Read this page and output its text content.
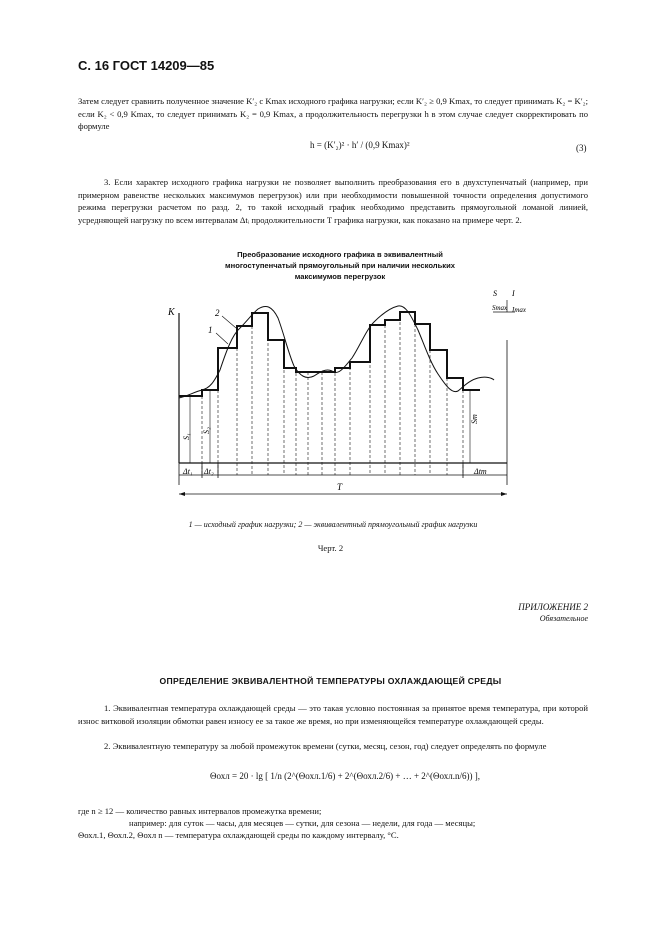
С. 16 ГОСТ 14209—85
Затем следует сравнить полученное значение K′₂ с Kmax исходного графика нагрузки; если K′₂ ≥ 0,9 Kmax, то следует принимать K₂ = K′₂; если K₂ < 0,9 Kmax, то следует принимать K₂ = 0,9 Kmax, а продолжительность перегрузки h в этом случае следует скорректировать по формуле
h = (K′₂)² · h′ / (0,9 Kmax)²	(3)
3. Если характер исходного графика нагрузки не позволяет выполнить преобразования его в двухступенчатый (например, при примерном равенстве нескольких максимумов перегрузок) или при необходимости повышенной точности определения допустимого режима перегрузки расчетом по разд. 2, то такой исходный график необходимо представить прямоугольной ломаной линией, усредняющей нагрузку по всем интервалам Δtᵢ продолжительности T графика нагрузки, как показано на примере черт. 2.
Преобразование исходного графика в эквивалентный
многоступенчатый прямоугольный при наличии нескольких
максимумов перегрузок
K	2
1
S I
Smax Imax
S₁
S₂
Sm
Δt₁ Δt₂	Δtm
T
1 — исходный график нагрузки; 2 — эквивалентный прямоугольный график нагрузки
Черт. 2
ПРИЛОЖЕНИЕ 2
Обязательное
ОПРЕДЕЛЕНИЕ ЭКВИВАЛЕНТНОЙ ТЕМПЕРАТУРЫ ОХЛАЖДАЮЩЕЙ СРЕДЫ
1. Эквивалентная температура охлаждающей среды — это такая условно постоянная за принятое время температура, при которой износ витковой изоляции обмотки равен износу ее за такое же время, но при изменяющейся температуре охлаждающей среды.
2. Эквивалентную температуру за любой промежуток времени (сутки, месяц, сезон, год) следует определять по формуле
Θохл = 20 · lg [ 1/n (2^(Θохл.1/6) + 2^(Θохл.2/6) + … + 2^(Θохл.n/6)) ],
где n ≥ 12 — количество равных интервалов промежутка времени;
например: для суток — часы, для месяцев — сутки, для сезона — недели, для года — месяцы;
Θохл.1, Θохл.2, Θохл n — температура охлаждающей среды по каждому интервалу, °С.
